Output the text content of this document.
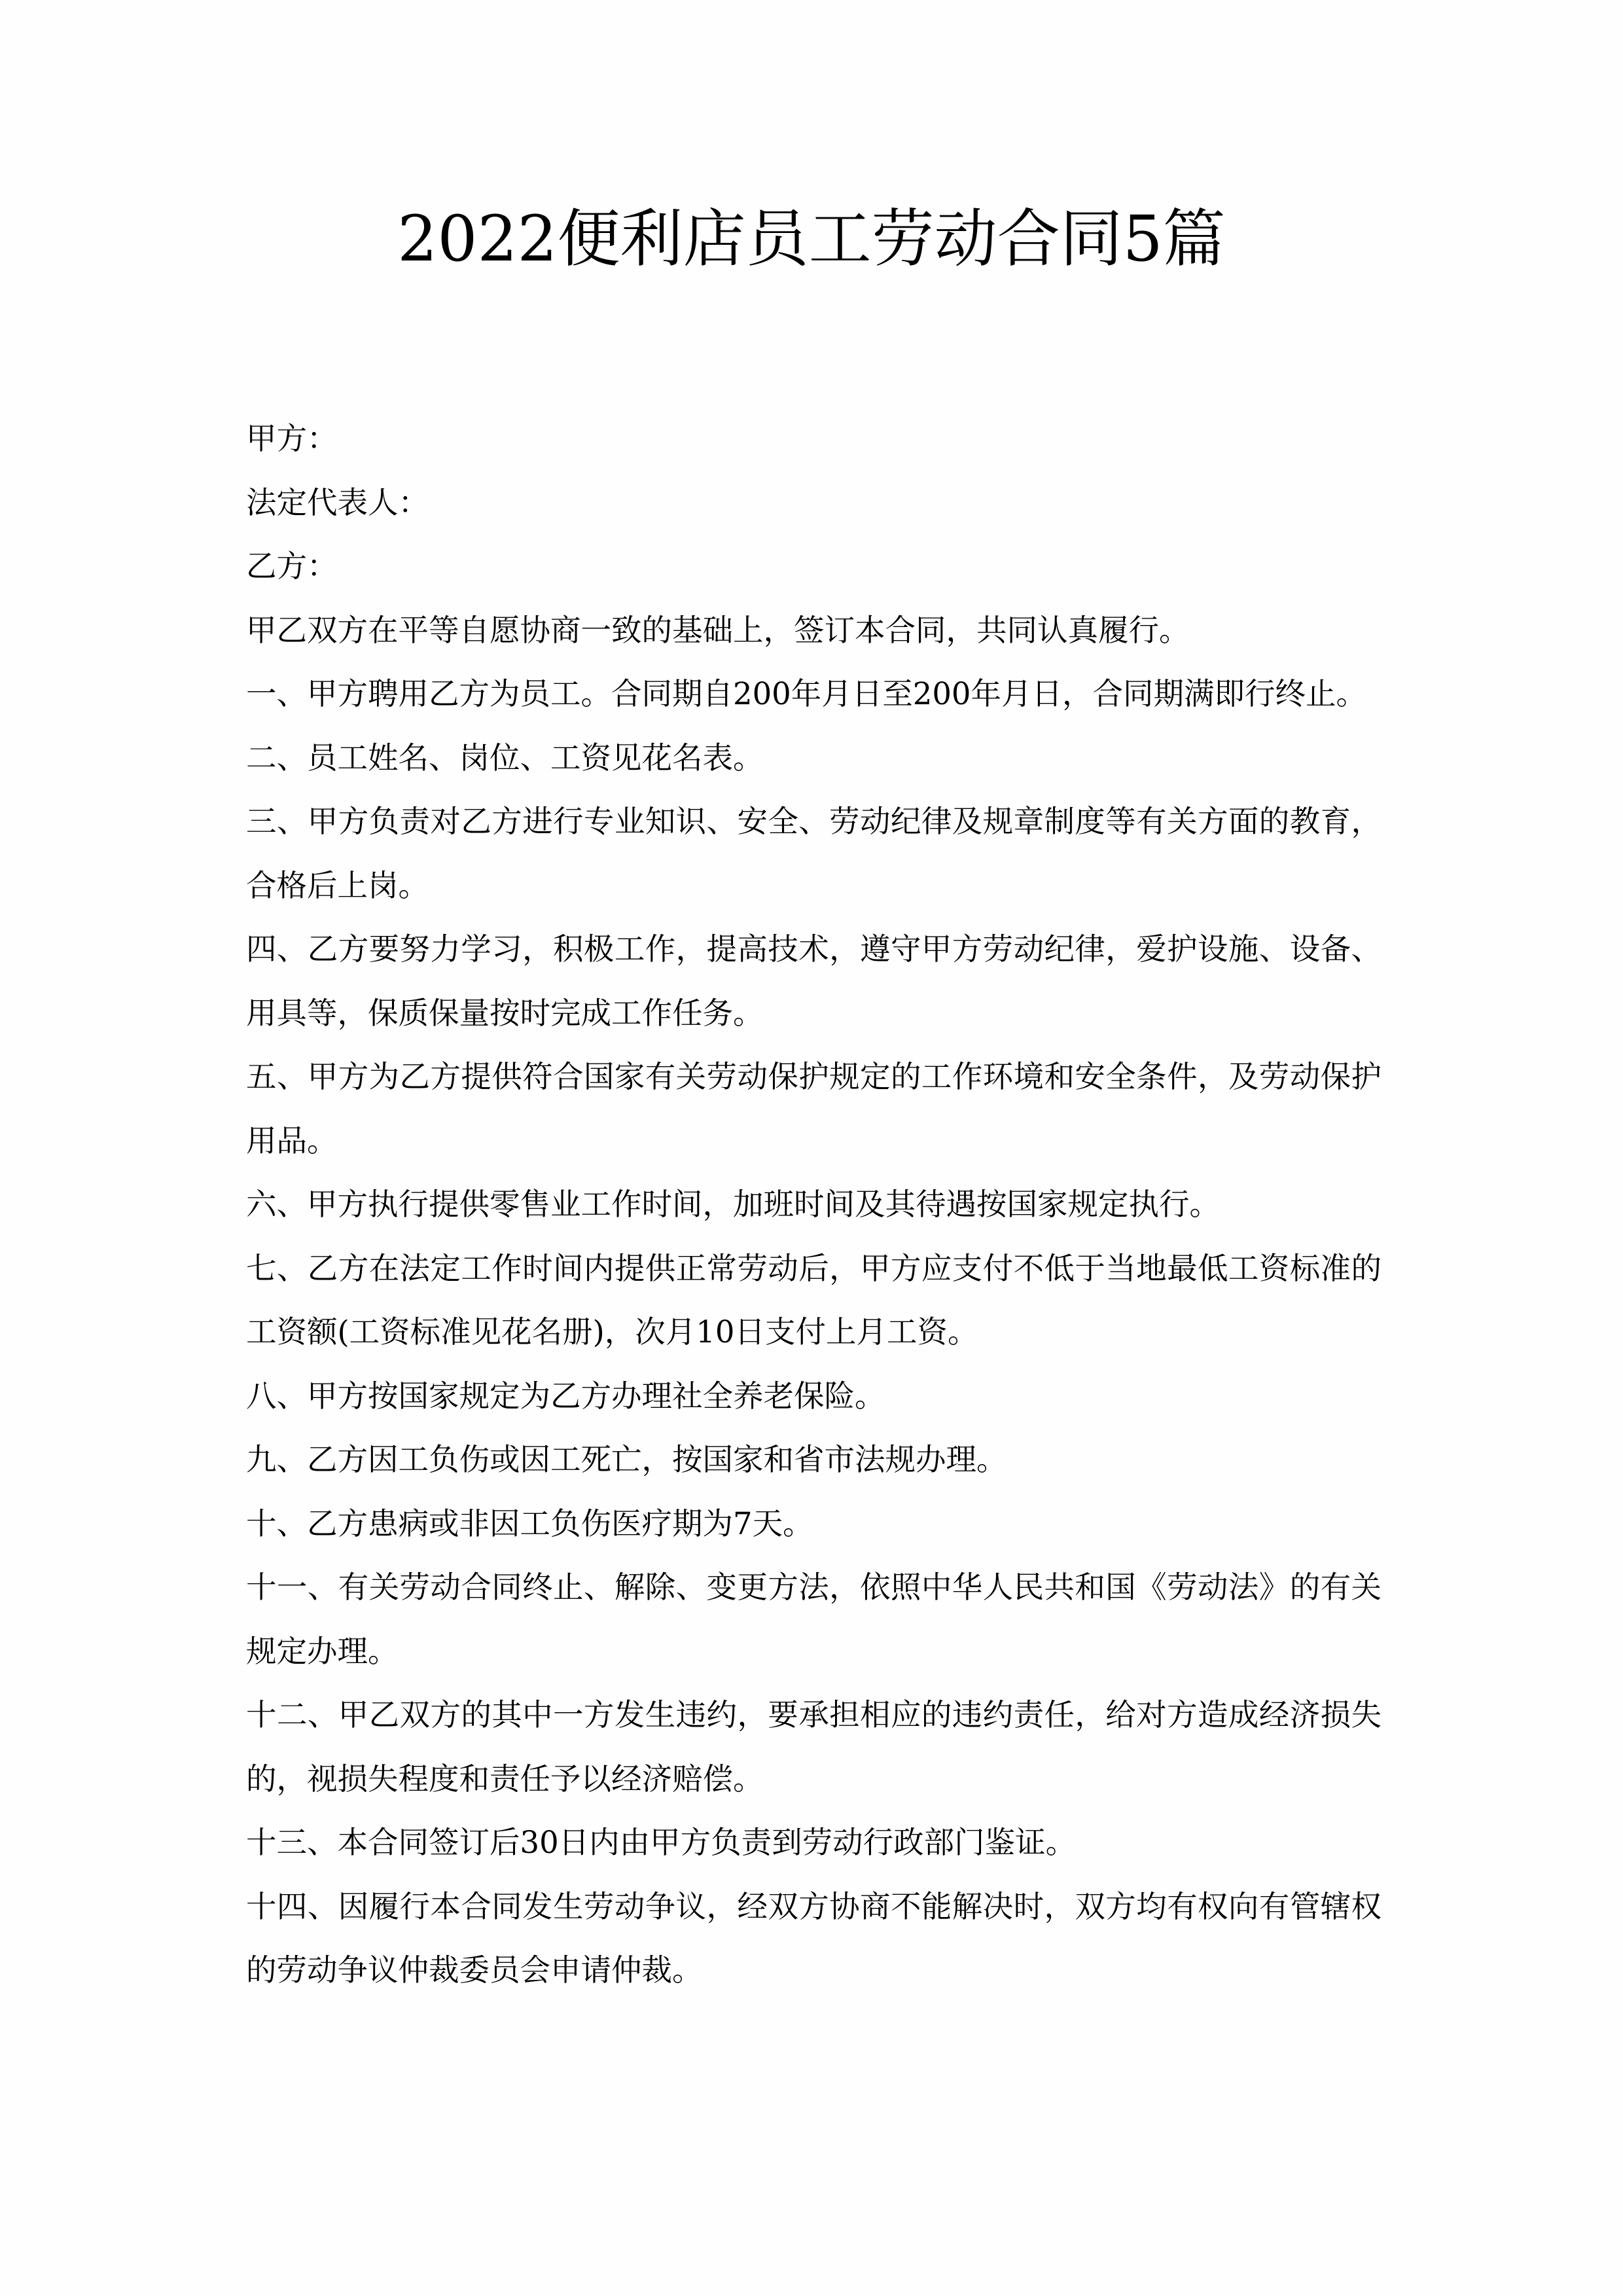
2022便利店员工劳动合同5篇

甲方：

法定代表人：

乙方：

甲乙双方在平等自愿协商一致的基础上，签订本合同，共同认真履行。

一、甲方聘用乙方为员工。合同期自200年月日至200年月日，合同期满即行终止。

二、员工姓名、岗位、工资见花名表。

三、甲方负责对乙方进行专业知识、安全、劳动纪律及规章制度等有关方面的教育，合格后上岗。

四、乙方要努力学习，积极工作，提高技术，遵守甲方劳动纪律，爱护设施、设备、用具等，保质保量按时完成工作任务。

五、甲方为乙方提供符合国家有关劳动保护规定的工作环境和安全条件，及劳动保护用品。

六、甲方执行提供零售业工作时间，加班时间及其待遇按国家规定执行。

七、乙方在法定工作时间内提供正常劳动后，甲方应支付不低于当地最低工资标准的工资额(工资标准见花名册)，次月10日支付上月工资。

八、甲方按国家规定为乙方办理社全养老保险。

九、乙方因工负伤或因工死亡，按国家和省市法规办理。

十、乙方患病或非因工负伤医疗期为7天。

十一、有关劳动合同终止、解除、变更方法，依照中华人民共和国《劳动法》的有关规定办理。

十二、甲乙双方的其中一方发生违约，要承担相应的违约责任，给对方造成经济损失的，视损失程度和责任予以经济赔偿。

十三、本合同签订后30日内由甲方负责到劳动行政部门鉴证。

十四、因履行本合同发生劳动争议，经双方协商不能解决时，双方均有权向有管辖权的劳动争议仲裁委员会申请仲裁。
